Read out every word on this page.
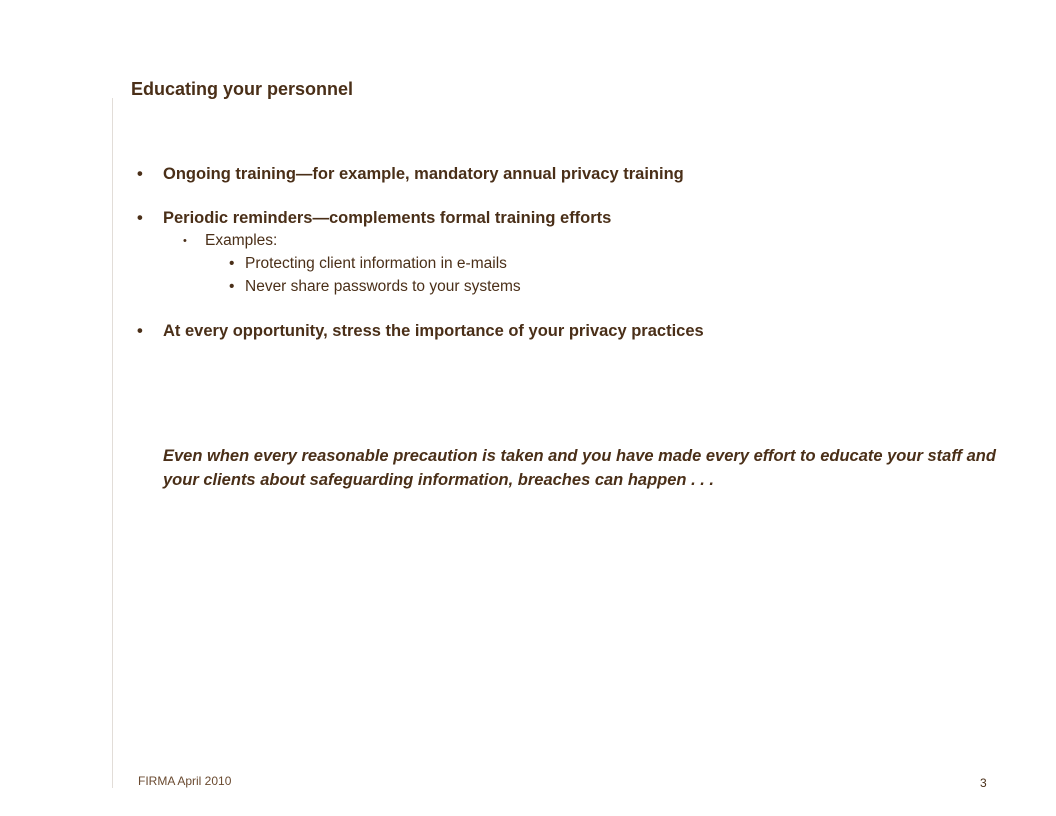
Educating your personnel
• Ongoing training—for example, mandatory annual privacy training
• Periodic reminders—complements formal training efforts
• Examples:
• Protecting client information in e-mails
• Never share passwords to your systems
• At every opportunity, stress the importance of your privacy practices
Even when every reasonable precaution is taken and you have made every effort to educate your staff and your clients about safeguarding information, breaches can happen . . .
FIRMA April 2010	3
